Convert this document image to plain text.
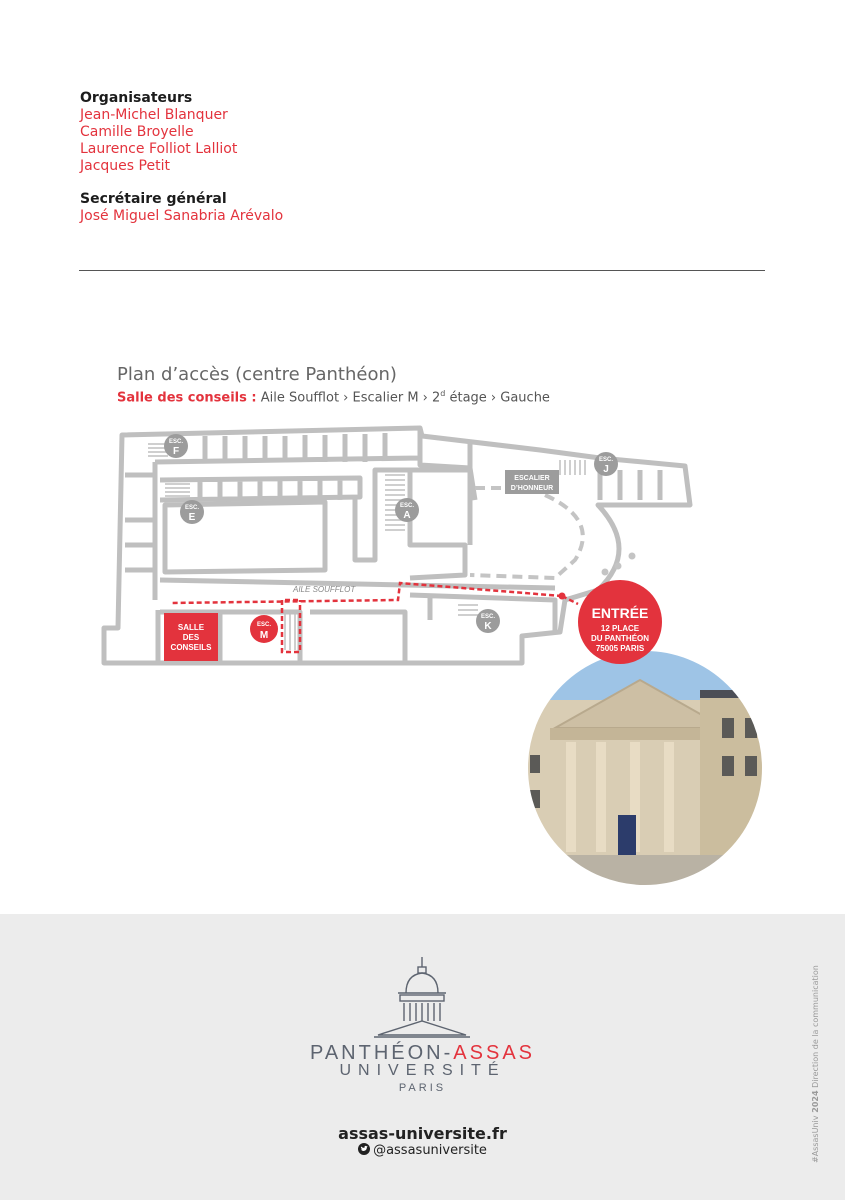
Organisateurs

Jean-Michel Blanquer

Camille Broyelle

Laurence Folliot Lalliot

Jacques Petit

Secrétaire général

José Miguel Sanabria Arévalo

Plan d’accès (centre Panthéon)
Salle des conseils : Aile Soufflot › Escalier M › 2$^d$ étage › Gauche
SALLE
DES
CONSEILS
ESC.
F
ESC.
E
ESC.
A
ESC.
J
ESC.
K
ESC.
M
ESCALIER
D’HONNEUR
AILE SOUFFLOT
ENTRÉE
12 PLACE
DU PANTHÉON
75005 PARIS
PANTHÉON-ASSAS
UNIVERSITÉ
PARIS
assas-universite.fr
@assasuniversite	#AssasUniv 2024 Direction de la communication
